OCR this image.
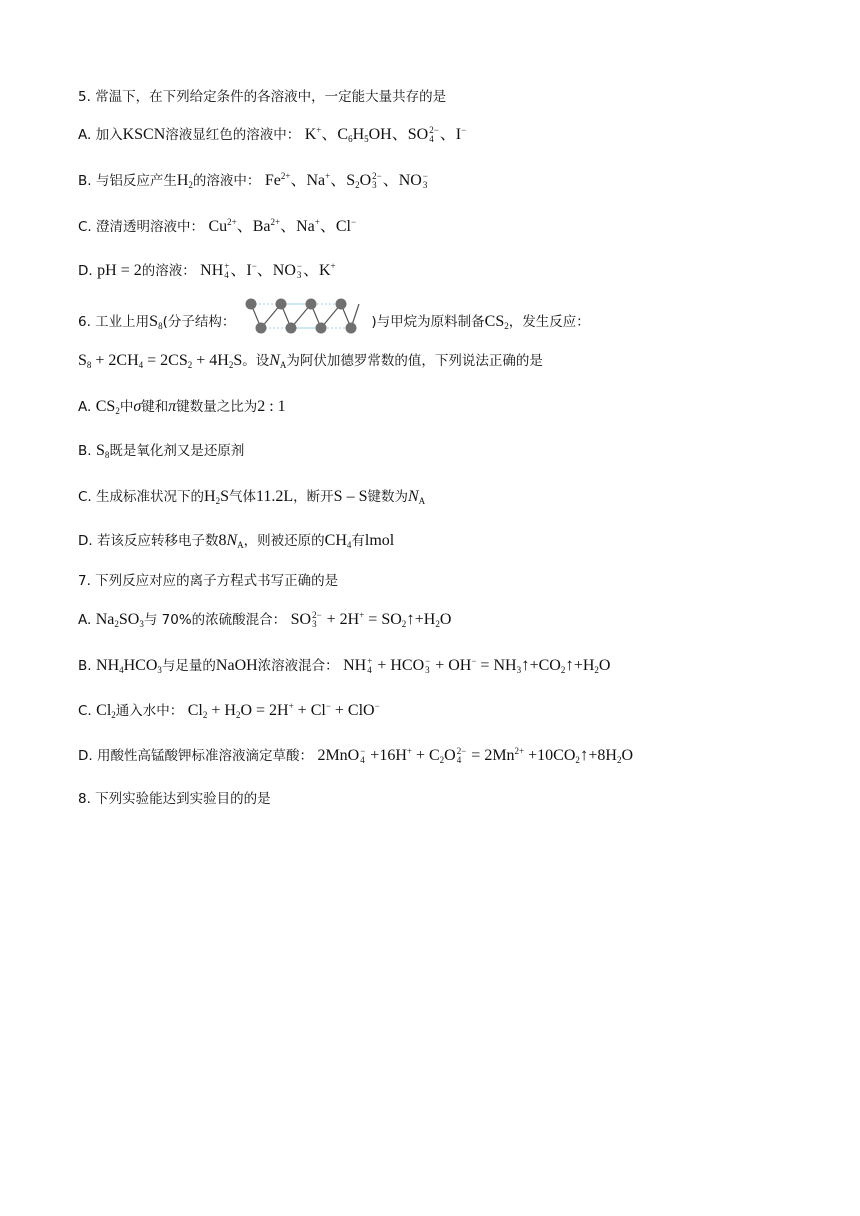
5. 常温下，在下列给定条件的各溶液中，一定能大量共存的是
A. 加入KSCN溶液显红色的溶液中： K+、$C_6H_5OH$、SO 2−
4 、I−
B. 与铝反应产生$H_2$的溶液中： $Fe^{2+}$、Na+、$S_2O$ 2−
3 、NO −
3
C. 澄清透明溶液中： $Cu^{2+}$、$Ba^{2+}$、Na+、Cl−
D. pH = 2的溶液： NH +
4 、I−、NO −
3 、K+
6. 工业上用$S_8$(分子结构：	)与甲烷为原料制备$CS_2$，发生反应：
$S_8 + 2CH_4 = 2CS_2 + 4H_2S$。设$N_A$为阿伏加德罗常数的值，下列说法正确的是
A. $CS_2$中σ键和π键数量之比为2 : 1
B. $S_8$既是氧化剂又是还原剂
C. 生成标准状况下的$H_2S$气体11.2L，断开S – S键数为$N_A$
D. 若该反应转移电子数$8N_A$，则被还原的$CH_4$有lmol
7. 下列反应对应的离子方程式书写正确的是
A. $Na_2SO_3$与 70%的浓硫酸混合： SO 2−
$3 + 2H^+ = SO_2↑+H_2O$
B. $NH_4HCO_3$与足量的NaOH浓溶液混合： NH +
4 + HCO −
$3 + OH^- = NH_3↑+CO_2↑+H_2O$
C. $Cl_2$通入水中： $Cl_2 + H_2O = 2H^+ + Cl^- + ClO^-$
D. 用酸性高锰酸钾标准溶液滴定草酸： 2MnO −
$4 +16H^+ + C_2O$ 2−
$4 = 2Mn^{2+}$ $+10CO_2↑+8H_2O$
8. 下列实验能达到实验目的的是
